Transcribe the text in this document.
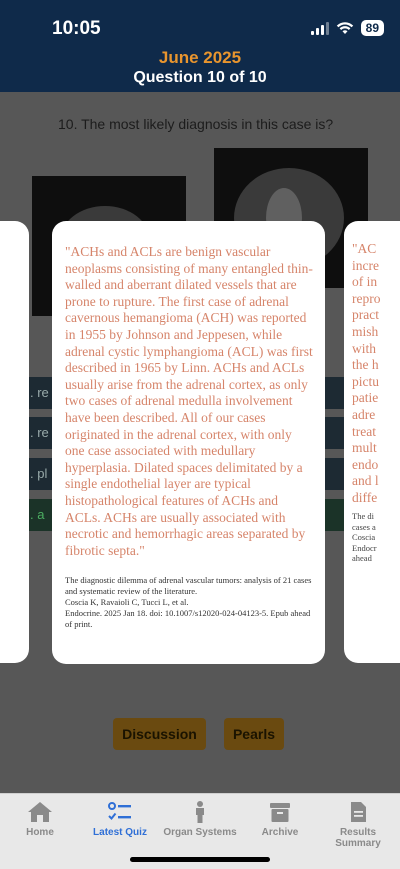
10:05	89
June 2025
Question 10 of 10
10. The most likely diagnosis in this case is?
. re
. re
. pl
. a
Discussion	Pearls
"AC
incre
of in
repro
pract
mish
with
the h
pictu
patie
adre
treat
mult
endo
and l
diffe
The di
cases a
Coscia
Endocr
ahead
"ACHs and ACLs are benign vascular neoplasms consisting of many entangled thin-walled and aberrant dilated vessels that are prone to rupture. The first case of adrenal cavernous hemangioma (ACH) was reported in 1955 by Johnson and Jeppesen, while adrenal cystic lymphangioma (ACL) was first described in 1965 by Linn. ACHs and ACLs usually arise from the adrenal cortex, as only two cases of adrenal medulla involvement have been described. All of our cases originated in the adrenal cortex, with only one case associated with medullary hyperplasia. Dilated spaces delimitated by a single endothelial layer are typical histopathological features of ACHs and ACLs. ACHs are usually associated with necrotic and hemorrhagic areas separated by fibrotic septa."
The diagnostic dilemma of adrenal vascular tumors: analysis of 21 cases and systematic review of the literature.
Coscia K, Ravaioli C, Tucci L, et al.
Endocrine. 2025 Jan 18. doi: 10.1007/s12020-024-04123-5. Epub ahead of print.
Home	Latest Quiz	Organ Systems	Archive	Results Summary
